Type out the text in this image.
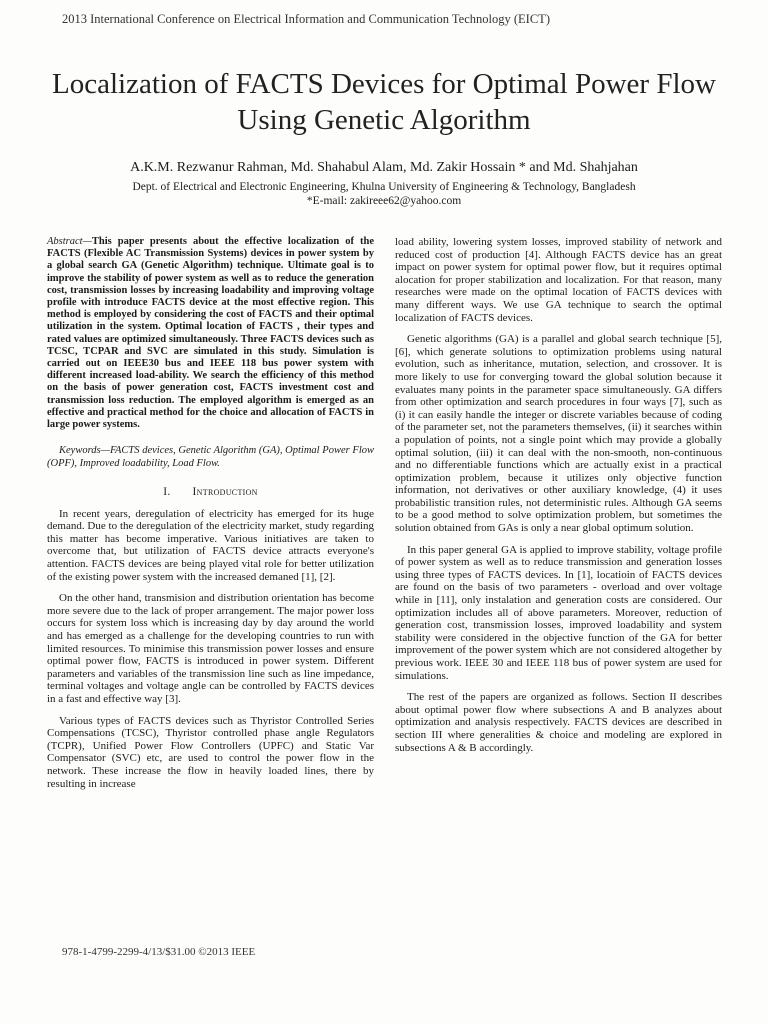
2013 International Conference on Electrical Information and Communication Technology (EICT)
Localization of FACTS Devices for Optimal Power Flow Using Genetic Algorithm
A.K.M. Rezwanur Rahman, Md. Shahabul Alam, Md. Zakir Hossain * and Md. Shahjahan
Dept. of Electrical and Electronic Engineering, Khulna University of Engineering & Technology, Bangladesh
*E-mail: zakireee62@yahoo.com

Abstract—This paper presents about the effective localization of the FACTS (Flexible AC Transmission Systems) devices in power system by a global search GA (Genetic Algorithm) technique. Ultimate goal is to improve the stability of power system as well as to reduce the generation cost, transmission losses by increasing loadability and improving voltage profile with introduce FACTS device at the most effective region. This method is employed by considering the cost of FACTS and their optimal utilization in the system. Optimal location of FACTS , their types and rated values are optimized simultaneously. Three FACTS devices such as TCSC, TCPAR and SVC are simulated in this study. Simulation is carried out on IEEE30 bus and IEEE 118 bus power system with different increased load-ability. We search the efficiency of this method on the basis of power generation cost, FACTS investment cost and transmission loss reduction. The employed algorithm is emerged as an effective and practical method for the choice and allocation of FACTS in large power systems.

Keywords—FACTS devices, Genetic Algorithm (GA), Optimal Power Flow (OPF), Improved loadability, Load Flow.

I. Introduction

In recent years, deregulation of electricity has emerged for its huge demand. Due to the deregulation of the electricity market, study regarding this matter has become imperative. Various initiatives are taken to overcome that, but utilization of FACTS device attracts everyone's attention. FACTS devices are being played vital role for better utilization of the existing power system with the increased demaned [1], [2].

On the other hand, transmision and distribution orientation has become more severe due to the lack of proper arrangement. The major power loss occurs for system loss which is increasing day by day around the world and has emerged as a challenge for the developing countries to run with limited resources. To minimise this transmission power losses and ensure optimal power flow, FACTS is introduced in power system. Different parameters and variables of the transmission line such as line impedance, terminal voltages and voltage angle can be controlled by FACTS devices in a fast and effective way [3].

Various types of FACTS devices such as Thyristor Controlled Series Compensations (TCSC), Thyristor controlled phase angle Regulators (TCPR), Unified Power Flow Controllers (UPFC) and Static Var Compensator (SVC) etc, are used to control the power flow in the network. These increase the flow in heavily loaded lines, there by resulting in increase

load ability, lowering system losses, improved stability of network and reduced cost of production [4]. Although FACTS device has an great impact on power system for optimal power flow, but it requires optimal alocation for proper stabilization and localization. For that reason, many researches were made on the optimal location of FACTS devices with many different ways. We use GA technique to search the optimal localization of FACTS devices.

Genetic algorithms (GA) is a parallel and global search technique [5], [6], which generate solutions to optimization problems using natural evolution, such as inheritance, mutation, selection, and crossover. It is more likely to use for converging toward the global solution because it evaluates many points in the parameter space simultaneously. GA differs from other optimization and search procedures in four ways [7], such as (i) it can easily handle the integer or discrete variables because of coding of the parameter set, not the parameters themselves, (ii) it searches within a population of points, not a single point which may provide a globally optimal solution, (iii) it can deal with the non-smooth, non-continuous and no differentiable functions which are actually exist in a practical optimization problem, because it utilizes only objective function information, not derivatives or other auxiliary knowledge, (4) it uses probabilistic transition rules, not deterministic rules. Although GA seems to be a good method to solve optimization problem, but sometimes the solution obtained from GAs is only a near global optimum solution.

In this paper general GA is applied to improve stability, voltage profile of power system as well as to reduce transmission and generation losses using three types of FACTS devices. In [1], locatioin of FACTS devices are found on the basis of two parameters - overload and over voltage while in [11], only instalation and generation costs are considered. Our optimization includes all of above parameters. Moreover, reduction of generation cost, transmission losses, improved loadability and system stability were considered in the objective function of the GA for better improvement of the power system which are not considered altogether by previous work. IEEE 30 and IEEE 118 bus of power system are used for simulations.

The rest of the papers are organized as follows. Section II describes about optimal power flow where subsections A and B analyzes about optimization and analysis respectively. FACTS devices are described in section III where generalities & choice and modeling are explored in subsections A & B accordingly.

978-1-4799-2299-4/13/$31.00 ©2013 IEEE
